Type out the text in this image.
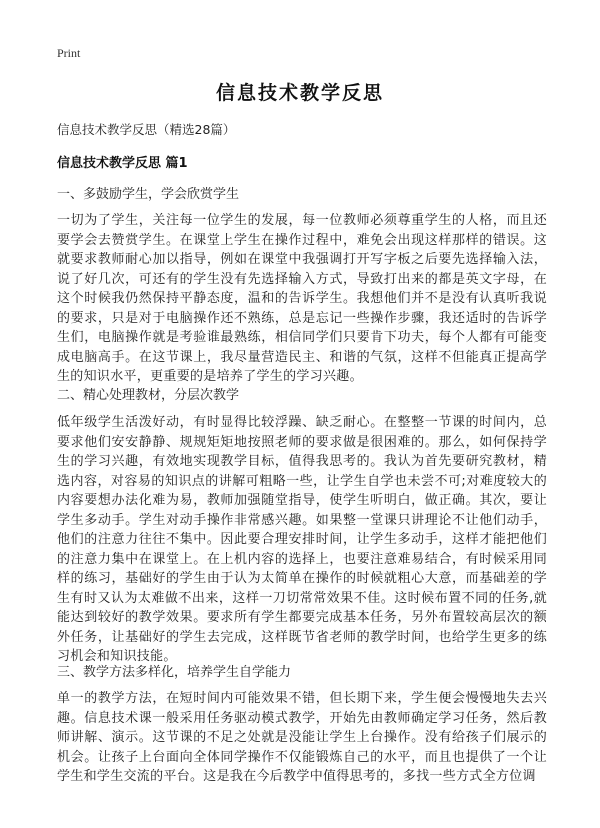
Print
信息技术教学反思
信息技术教学反思（精选28篇）
信息技术教学反思 篇1
一、多鼓励学生，学会欣赏学生
一切为了学生，关注每一位学生的发展，每一位教师必须尊重学生的人格，而且还要学会去赞赏学生。在课堂上学生在操作过程中，难免会出现这样那样的错误。这就要求教师耐心加以指导，例如在课堂中我强调打开写字板之后要先选择输入法，说了好几次，可还有的学生没有先选择输入方式，导致打出来的都是英文字母，在这个时候我仍然保持平静态度，温和的告诉学生。我想他们并不是没有认真听我说的要求，只是对于电脑操作还不熟练，总是忘记一些操作步骤，我还适时的告诉学生们，电脑操作就是考验谁最熟练，相信同学们只要肯下功夫，每个人都有可能变成电脑高手。在这节课上，我尽量营造民主、和谐的气氛，这样不但能真正提高学生的知识水平，更重要的是培养了学生的学习兴趣。
二、精心处理教材，分层次教学
低年级学生活泼好动，有时显得比较浮躁、缺乏耐心。在整整一节课的时间内，总要求他们安安静静、规规矩矩地按照老师的要求做是很困难的。那么，如何保持学生的学习兴趣，有效地实现教学目标，值得我思考的。我认为首先要研究教材，精选内容，对容易的知识点的讲解可粗略一些，让学生自学也未尝不可;对难度较大的内容要想办法化难为易，教师加强随堂指导，使学生听明白，做正确。其次，要让学生多动手。学生对动手操作非常感兴趣。如果整一堂课只讲理论不让他们动手，他们的注意力往往不集中。因此要合理安排时间，让学生多动手，这样才能把他们的注意力集中在课堂上。在上机内容的选择上，也要注意难易结合，有时候采用同样的练习，基础好的学生由于认为太简单在操作的时候就粗心大意，而基础差的学生有时又认为太难做不出来，这样一刀切常常效果不佳。这时候布置不同的任务,就能达到较好的教学效果。要求所有学生都要完成基本任务，另外布置较高层次的额外任务，让基础好的学生去完成，这样既节省老师的教学时间，也给学生更多的练习机会和知识技能。
三、教学方法多样化，培养学生自学能力
单一的教学方法，在短时间内可能效果不错，但长期下来，学生便会慢慢地失去兴趣。信息技术课一般采用任务驱动模式教学，开始先由教师确定学习任务，然后教师讲解、演示。这节课的不足之处就是没能让学生上台操作。没有给孩子们展示的机会。让孩子上台面向全体同学操作不仅能锻炼自己的水平，而且也提供了一个让学生和学生交流的平台。这是我在今后教学中值得思考的，多找一些方式全方位调
